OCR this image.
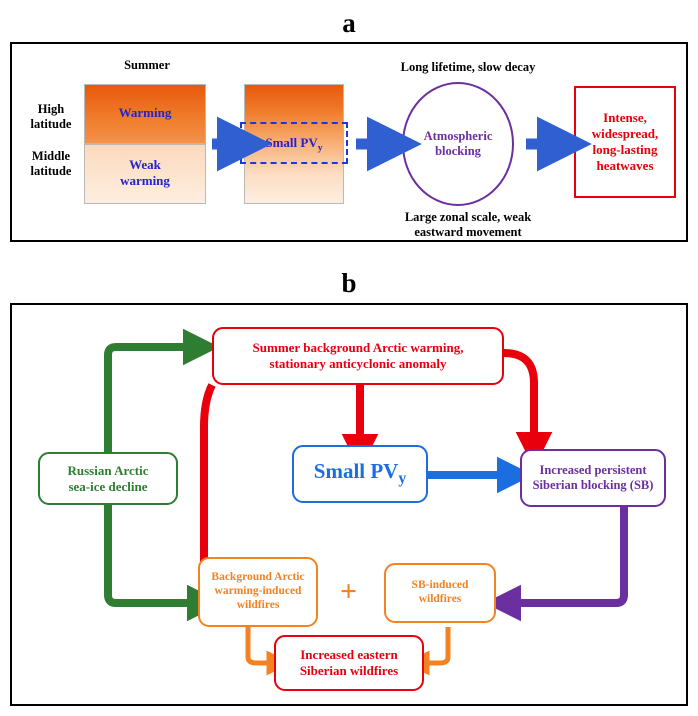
a
Summer
High
latitude
Middle
latitude
Warming
Weak
warming
Small $PV_y$
Atmospheric
blocking
Long lifetime, slow decay
Large zonal scale, weak
eastward movement
Intense,
widespread,
long-lasting
heatwaves
b
Summer background Arctic warming,
stationary anticyclonic anomaly
Russian Arctic
sea-ice decline
Small $PV_y$
Increased persistent
Siberian blocking (SB)
Background Arctic
warming-induced
wildfires	+	SB-induced
wildfires
Increased eastern
Siberian wildfires
